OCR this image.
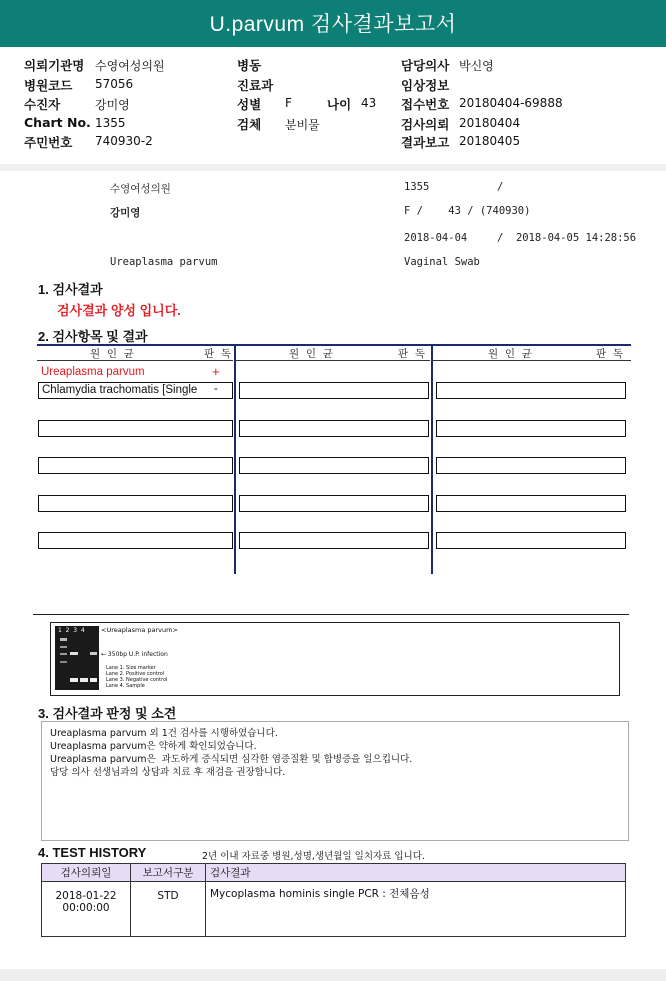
U.parvum 검사결과보고서
의뢰기관명 수영여성의원
병원코드 57056
수진자	강미영
Chart No. 1355
주민번호 740930-2
병동
진료과
성별 F	나이 43
검체 분비물
담당의사 박신영
임상정보
접수번호 20180404-69888
검사의뢰 20180404
결과보고 20180405
수영여성의원	1355	/
강미영	F /    43 / (740930)
2018-04-04	/  2018-04-05 14:28:56
Ureaplasma parvum	Vaginal Swab
1. 검사결과
검사결과 양성 입니다.
2. 검사항목 및 결과
원  인  균	판  독	원  인  균	판  독	원  인  균	판  독
Ureaplasma parvum	+
Chlamydia trachomatis [Single -
1  2  3  4	<Ureaplasma parvum>
← 350bp U.P. infection
Lane 1. Size marker
Lane 2. Positive control
Lane 3. Negative control
Lane 4. Sample
3. 검사결과 판정 및 소견
Ureaplasma parvum 외 1건 검사를 시행하였습니다.
Ureaplasma parvum은 약하게 확인되었습니다.
Ureaplasma parvum은  과도하게 증식되면 심각한 염증질환 및 합병증을 일으킵니다.
담당 의사 선생님과의 상담과 치료 후 재검을 권장합니다.
4. TEST HISTORY	2년 이내 자료중 병원,성명,생년월일 일치자료 입니다.
검사의뢰일	보고서구분	검사결과

2018-01-22
00:00:00	STD	Mycoplasma hominis single PCR : 전체음성
